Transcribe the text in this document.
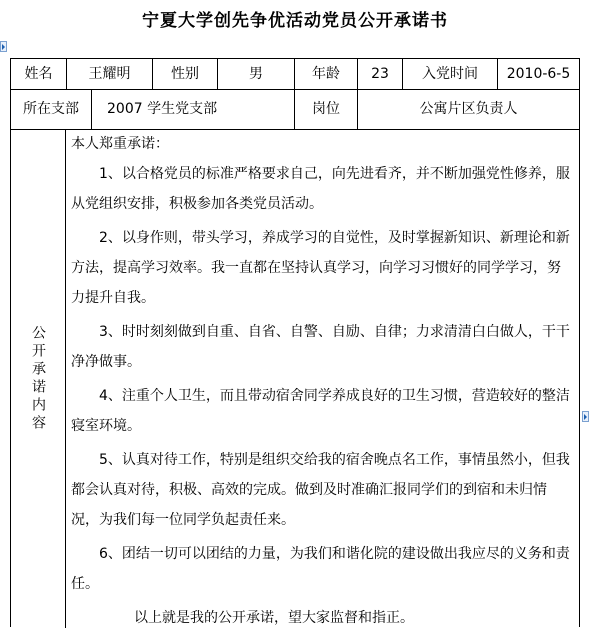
宁夏大学创先争优活动党员公开承诺书
姓名	王耀明	性别	男	年龄	23	入党时间	2010-6-5
所在支部	2007 学生党支部	岗位	公寓片区负责人
公开承诺内容

本人郑重承诺：

1、以合格党员的标准严格要求自己，向先进看齐，并不断加强党性修养，服从党组织安排，积极参加各类党员活动。

2、以身作则，带头学习，养成学习的自觉性，及时掌握新知识、新理论和新方法，提高学习效率。我一直都在坚持认真学习，向学习习惯好的同学学习，努力提升自我。

3、时时刻刻做到自重、自省、自警、自励、自律；力求清清白白做人，干干净净做事。

4、注重个人卫生，而且带动宿舍同学养成良好的卫生习惯，营造较好的整洁寝室环境。

5、认真对待工作，特别是组织交给我的宿舍晚点名工作，事情虽然小，但我都会认真对待，积极、高效的完成。做到及时准确汇报同学们的到宿和未归情况，为我们每一位同学负起责任来。

6、团结一切可以团结的力量，为我们和谐化院的建设做出我应尽的义务和责任。

以上就是我的公开承诺，望大家监督和指正。
